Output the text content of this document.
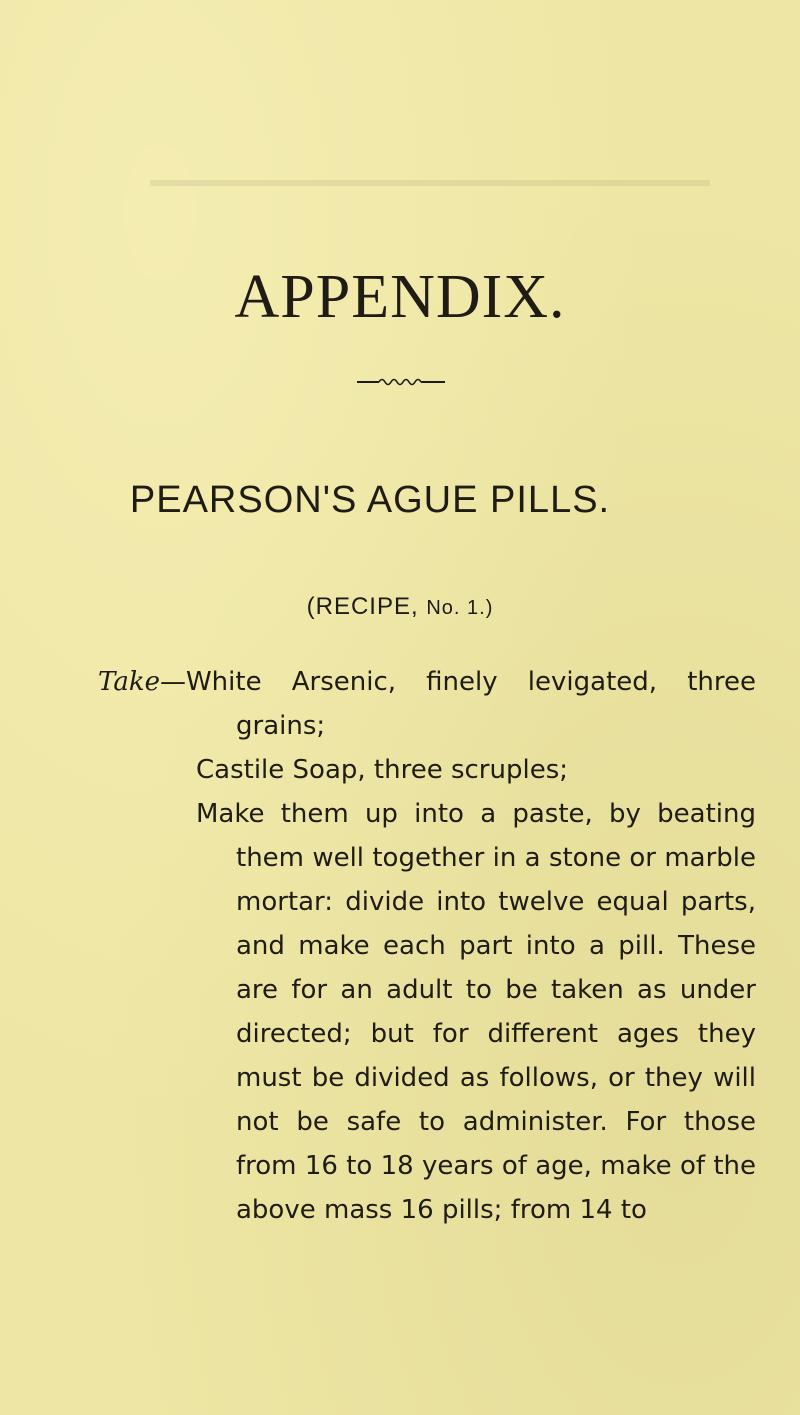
APPENDIX.
PEARSON'S AGUE PILLS.
(RECIPE, No. 1.)

Take—White Arsenic, finely levigated, three grains;

Castile Soap, three scruples;

Make them up into a paste, by beating them well together in a stone or marble mortar: divide into twelve equal parts, and make each part into a pill. These are for an adult to be taken as under directed; but for different ages they must be divided as follows, or they will not be safe to administer. For those from 16 to 18 years of age, make of the above mass 16 pills; from 14 to
